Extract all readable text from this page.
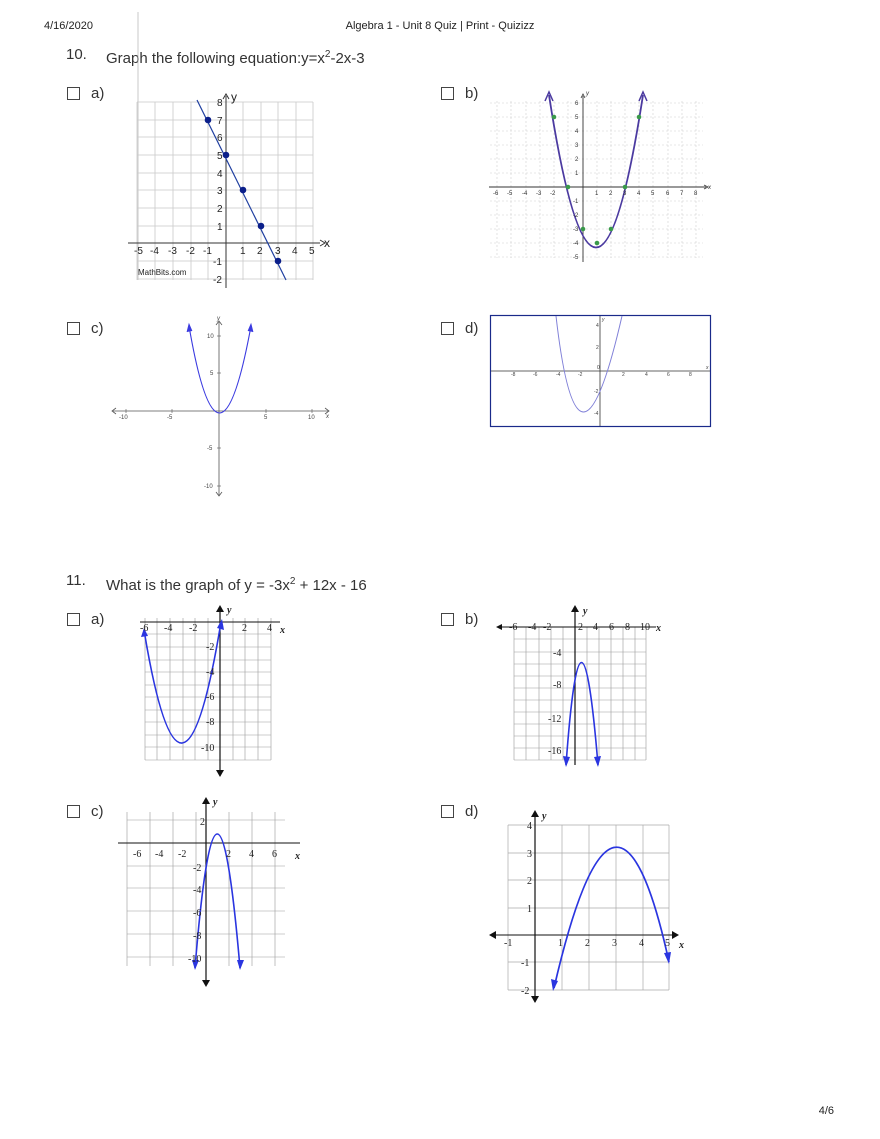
4/16/2020	Algebra 1 - Unit 8 Quiz | Print - Quizizz
10. Graph the following $equation:y=x^2-2x-3$
a)	b)
c)	d)
-5 -4 -3 -2 -1	1 2 3 4 5
8
7
6
5
4
3
2
1
-1
-2
x
y
MathBits.com
-6 -5 -4 -3 -2	1 2 3 4 5 6 7 8
6
5
4
3
2
1
-1
-2
-3
-4
-5
x
y
-10	-5	5	10
10
5
-5
-10
x
y
-8	-6	-4	-2
0
2	4	6	8
4
2
-2
-4
x
y
11. What is the graph of $y = -3x^2 + 12x - 16$
a)	b)
c)	d)
-6 -4 -2	2 4
-2
-4
-6
-8
-10
x
y
-6 -4 -2	2 4 6 8 10
-4
-8
-12
-16
x
y
-6 -4 -2	2 4 6
2
-2
-4
-6
-8
-10
x
y
-1	1 2 3 4 5
4
3
2
1
-1
-2
x
y
4/6
